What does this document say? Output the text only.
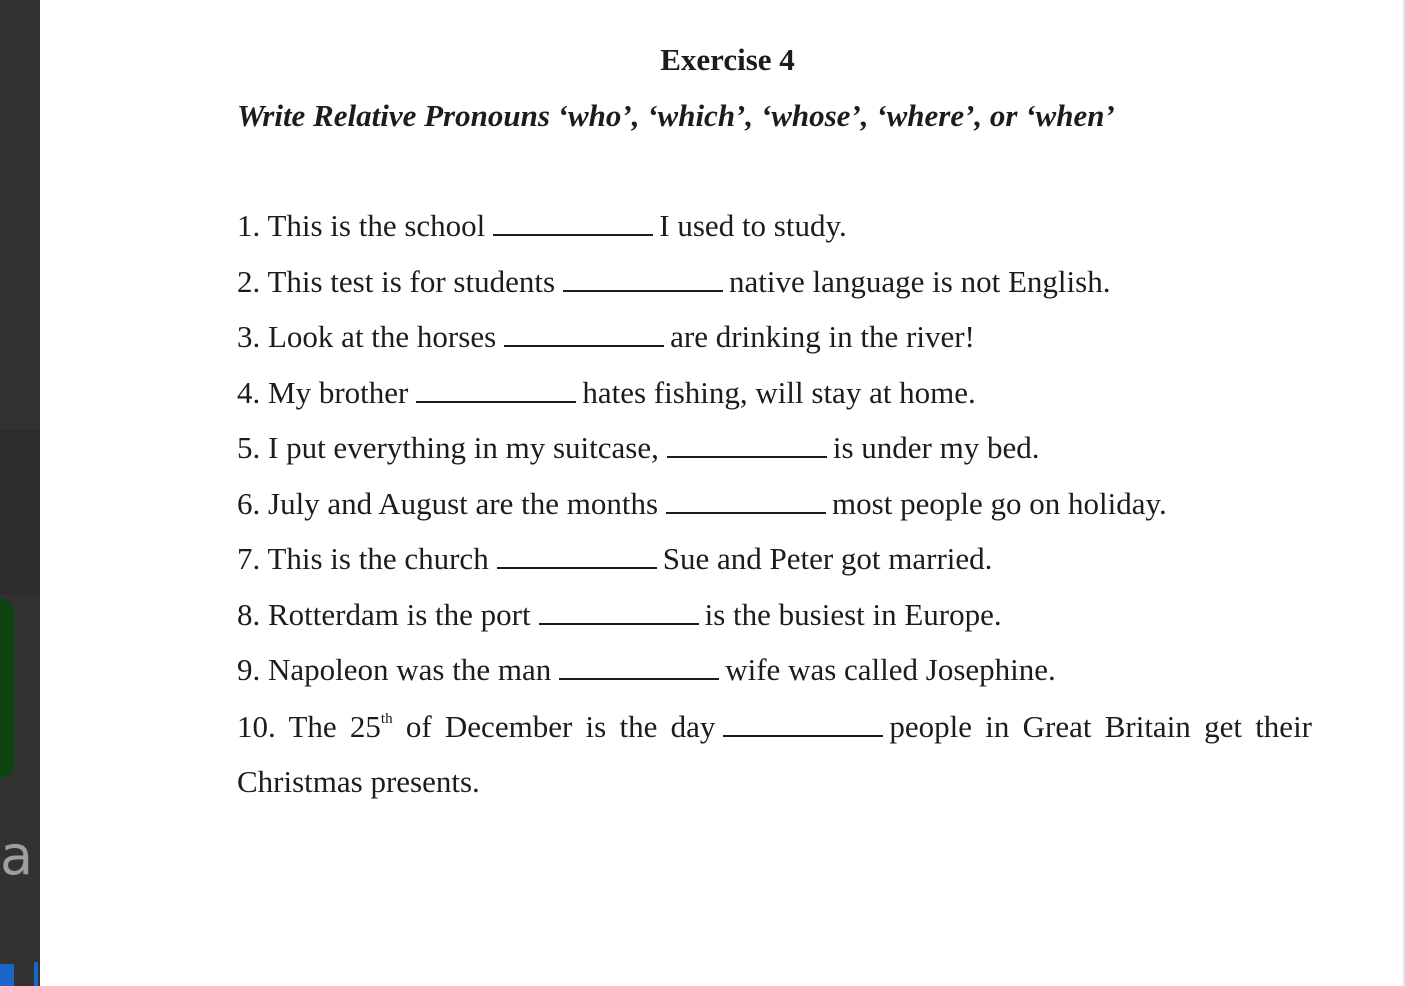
a
Exercise 4

Write Relative Pronouns ‘who’, ‘which’, ‘whose’, ‘where’, or ‘when’

1. This is the school	I used to study.
2. This test is for students	native language is not English.
3. Look at the horses	are drinking in the river!
4. My brother	hates fishing, will stay at home.
5. I put everything in my suitcase,	is under my bed.
6. July and August are the months	most people go on holiday.
7. This is the church	Sue and Peter got married.
8. Rotterdam is the port	is the busiest in Europe.
9. Napoleon was the man	wife was called Josephine.
10. The 25th of December is the day	people in Great Britain get their Christmas presents.
